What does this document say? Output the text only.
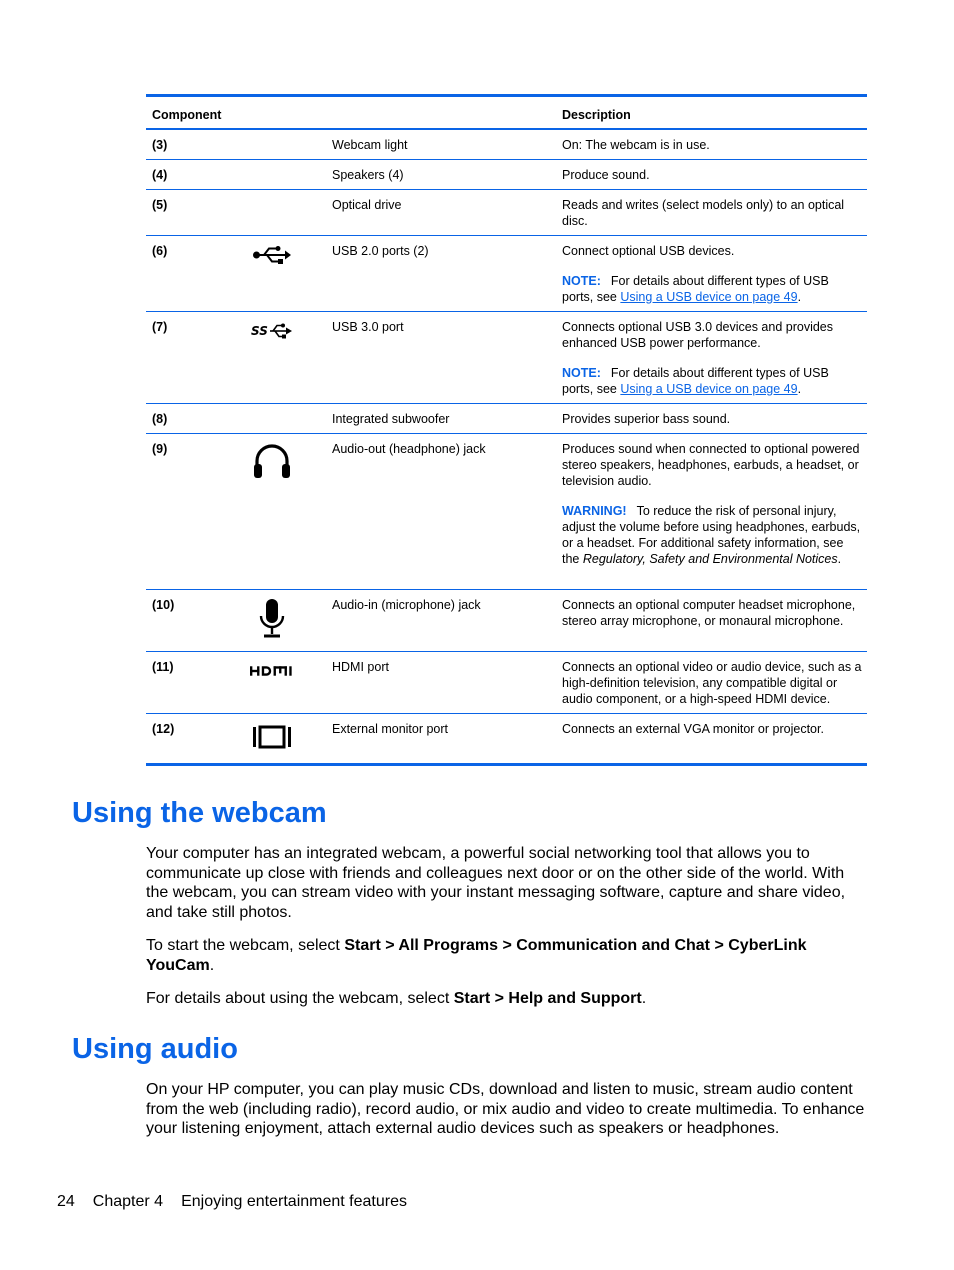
Component	Description
(3)	Webcam light	On: The webcam is in use.
(4)	Speakers (4)	Produce sound.
(5)	Optical drive	Reads and writes (select models only) to an optical disc.
(6)	USB 2.0 ports (2)	Connect optional USB devices.

NOTE: For details about different types of USB ports, see Using a USB device on page 49.

(7)	SS	USB 3.0 port	Connects optional USB 3.0 devices and provides enhanced USB power performance.

NOTE: For details about different types of USB ports, see Using a USB device on page 49.

(8)	Integrated subwoofer	Provides superior bass sound.
(9)	Audio-out (headphone) jack	Produces sound when connected to optional powered stereo speakers, headphones, earbuds, a headset, or television audio.

WARNING! To reduce the risk of personal injury, adjust the volume before using headphones, earbuds, or a headset. For additional safety information, see the Regulatory, Safety and Environmental Notices.

(10)	Audio-in (microphone) jack	Connects an optional computer headset microphone, stereo array microphone, or monaural microphone.
(11)	HDMI port	Connects an optional video or audio device, such as a high-definition television, any compatible digital or audio component, or a high-speed HDMI device.
(12)	External monitor port	Connects an external VGA monitor or projector.
Using the webcam
Your computer has an integrated webcam, a powerful social networking tool that allows you to communicate up close with friends and colleagues next door or on the other side of the world. With the webcam, you can stream video with your instant messaging software, capture and share video, and take still photos.
To start the webcam, select Start > All Programs > Communication and Chat > CyberLink YouCam.
For details about using the webcam, select Start > Help and Support.
Using audio
On your HP computer, you can play music CDs, download and listen to music, stream audio content from the web (including radio), record audio, or mix audio and video to create multimedia. To enhance your listening enjoyment, attach external audio devices such as speakers or headphones.
24 Chapter 4 Enjoying entertainment features
